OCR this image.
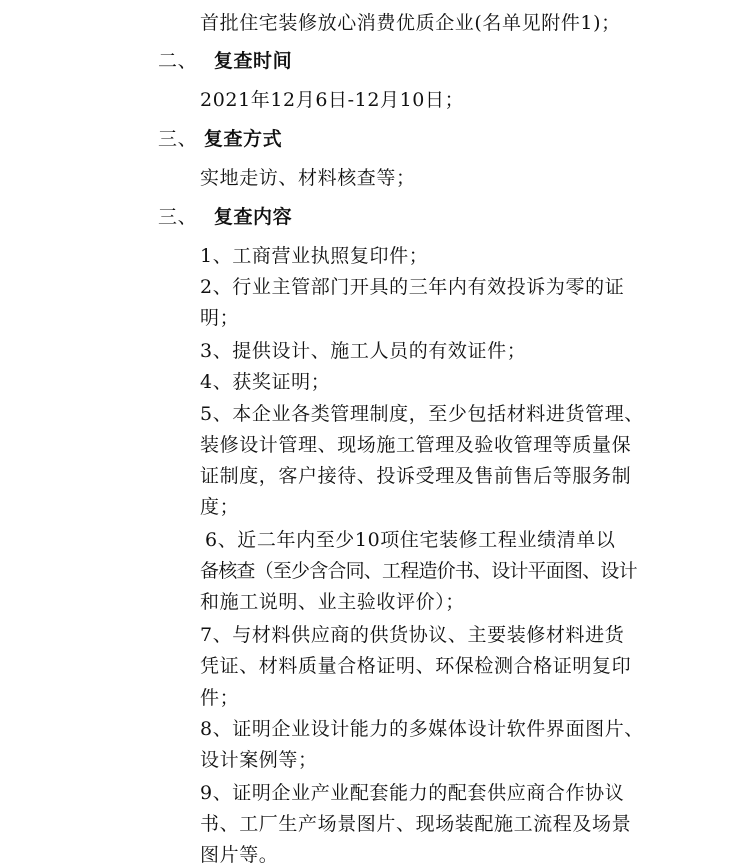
首批住宅装修放心消费优质企业(名单见附件1)；
二、 复查时间
2021年12月6日-12月10日；
三、 复查方式
实地走访、材料核查等；
三、 复查内容
1、工商营业执照复印件；
2、行业主管部门开具的三年内有效投诉为零的证
明；
3、提供设计、施工人员的有效证件；
4、获奖证明；
5、本企业各类管理制度，至少包括材料进货管理、
装修设计管理、现场施工管理及验收管理等质量保
证制度，客户接待、投诉受理及售前售后等服务制
度；
6、近二年内至少10项住宅装修工程业绩清单以
备核查（至少含合同、工程造价书、设计平面图、设计
和施工说明、业主验收评价）；
7、与材料供应商的供货协议、主要装修材料进货
凭证、材料质量合格证明、环保检测合格证明复印
件；
8、证明企业设计能力的多媒体设计软件界面图片、
设计案例等；
9、证明企业产业配套能力的配套供应商合作协议
书、工厂生产场景图片、现场装配施工流程及场景
图片等。
